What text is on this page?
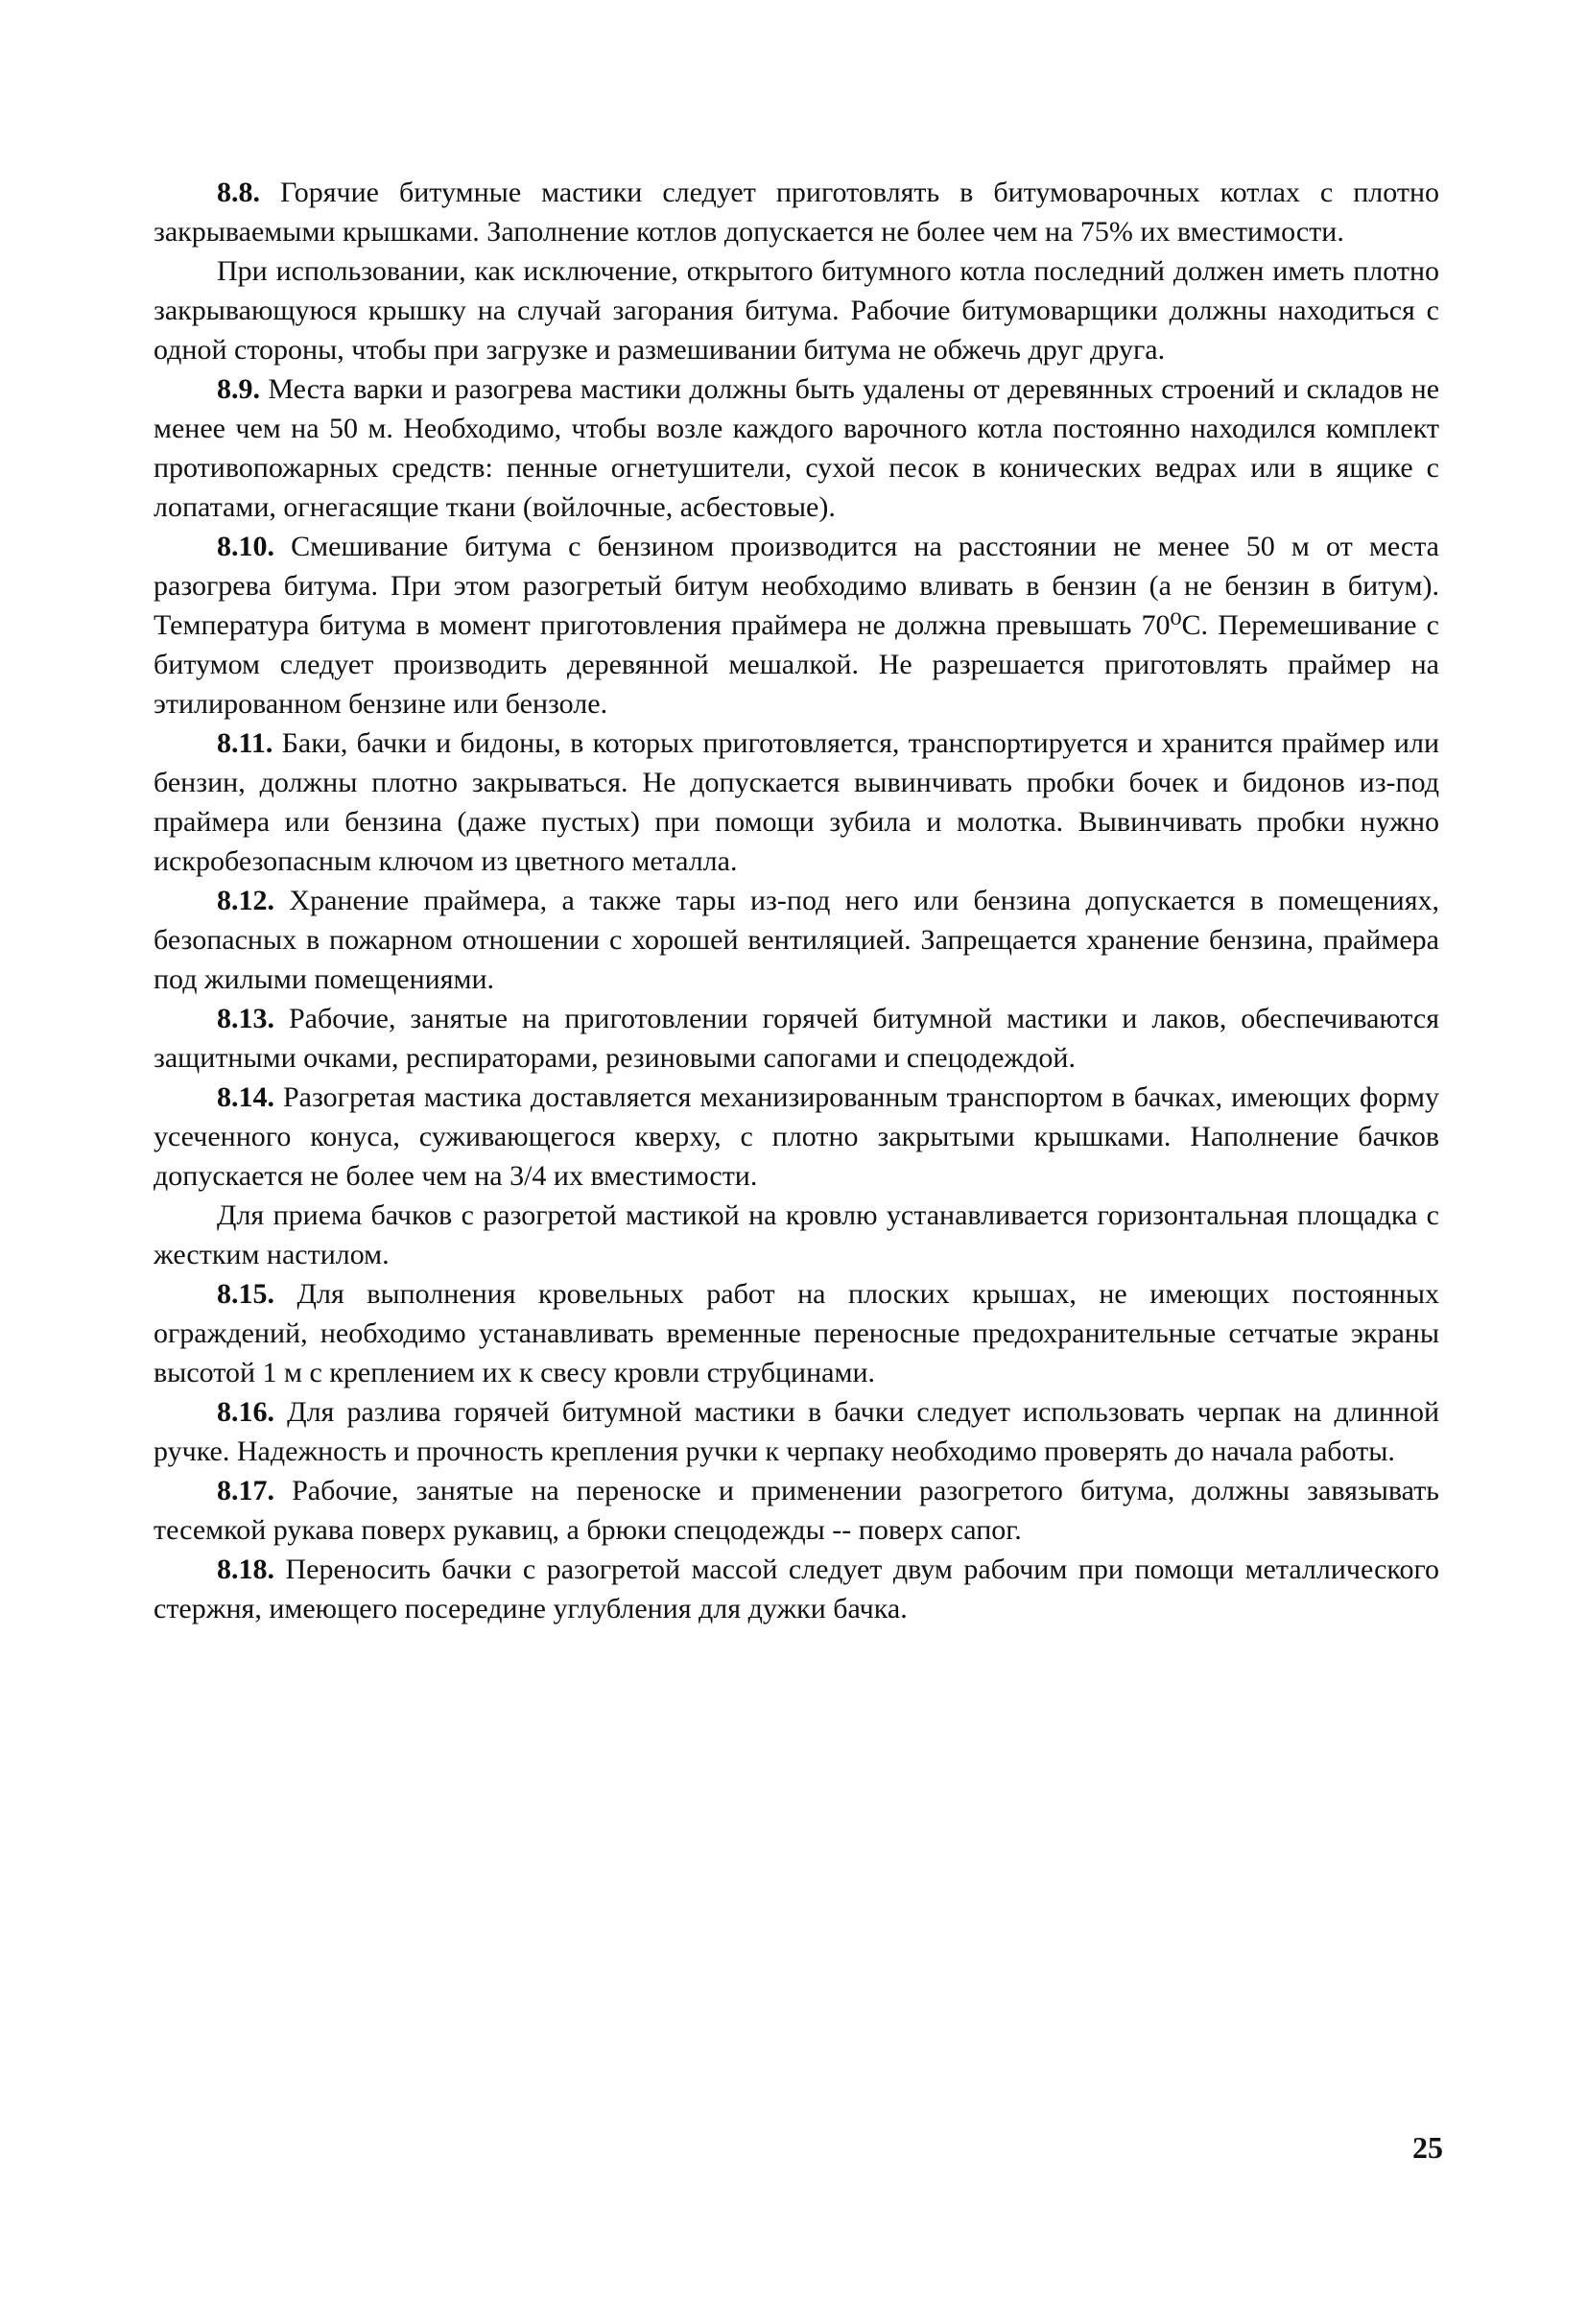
8.8. Горячие битумные мастики следует приготовлять в битумоварочных котлах с плотно закрываемыми крышками. Заполнение котлов допускается не более чем на 75% их вместимости.

При использовании, как исключение, открытого битумного котла последний должен иметь плотно закрывающуюся крышку на случай загорания битума. Рабочие битумоварщики должны находиться с одной стороны, чтобы при загрузке и размешивании битума не обжечь друг друга.

8.9. Места варки и разогрева мастики должны быть удалены от деревянных строений и складов не менее чем на 50 м. Необходимо, чтобы возле каждого варочного котла постоянно находился комплект противопожарных средств: пенные огнетушители, сухой песок в конических ведрах или в ящике с лопатами, огнегасящие ткани (войлочные, асбестовые).

8.10. Смешивание битума с бензином производится на расстоянии не менее 50 м от места разогрева битума. При этом разогретый битум необходимо вливать в бензин (а не бензин в битум). Температура битума в момент приготовления праймера не должна превышать 70⁰С. Перемешивание с битумом следует производить деревянной мешалкой. Не разрешается приготовлять праймер на этилированном бензине или бензоле.

8.11. Баки, бачки и бидоны, в которых приготовляется, транспортируется и хранится праймер или бензин, должны плотно закрываться. Не допускается вывинчивать пробки бочек и бидонов из-под праймера или бензина (даже пустых) при помощи зубила и молотка. Вывинчивать пробки нужно искробезопасным ключом из цветного металла.

8.12. Хранение праймера, а также тары из-под него или бензина допускается в помещениях, безопасных в пожарном отношении с хорошей вентиляцией. Запрещается хранение бензина, праймера под жилыми помещениями.

8.13. Рабочие, занятые на приготовлении горячей битумной мастики и лаков, обеспечиваются защитными очками, респираторами, резиновыми сапогами и спецодеждой.

8.14. Разогретая мастика доставляется механизированным транспортом в бачках, имеющих форму усеченного конуса, суживающегося кверху, с плотно закрытыми крышками. Наполнение бачков допускается не более чем на 3/4 их вместимости.

Для приема бачков с разогретой мастикой на кровлю устанавливается горизонтальная площадка с жестким настилом.

8.15. Для выполнения кровельных работ на плоских крышах, не имеющих постоянных ограждений, необходимо устанавливать временные переносные предохранительные сетчатые экраны высотой 1 м с креплением их к свесу кровли струбцинами.

8.16. Для разлива горячей битумной мастики в бачки следует использовать черпак на длинной ручке. Надежность и прочность крепления ручки к черпаку необходимо проверять до начала работы.

8.17. Рабочие, занятые на переноске и применении разогретого битума, должны завязывать тесемкой рукава поверх рукавиц, а брюки спецодежды -- поверх сапог.

8.18. Переносить бачки с разогретой массой следует двум рабочим при помощи металлического стержня, имеющего посередине углубления для дужки бачка.

25
